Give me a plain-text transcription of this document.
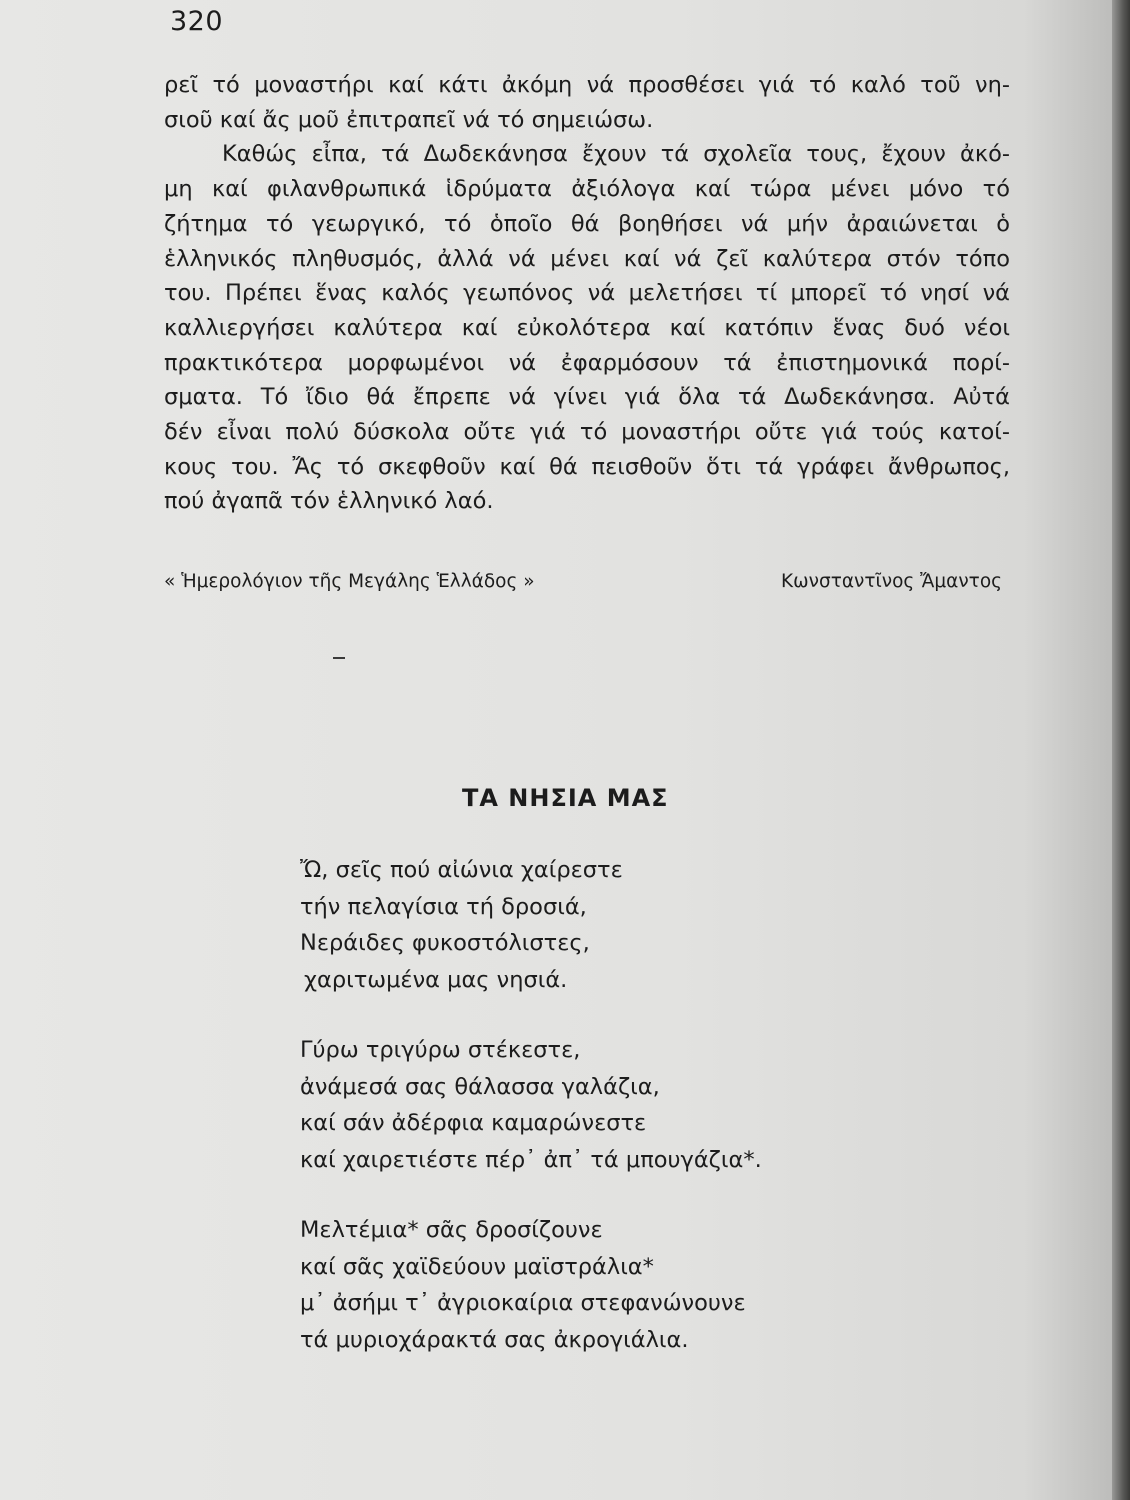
320
ρεῖ τό μοναστήρι καί κάτι ἀκόμη νά προσθέσει γιά τό καλό τοῦ νη-
σιοῦ καί ἄς μοῦ ἐπιτραπεῖ νά τό σημειώσω.
Καθώς εἶπα, τά Δωδεκάνησα ἔχουν τά σχολεῖα τους, ἔχουν ἀκό-
μη καί φιλανθρωπικά ἱδρύματα ἀξιόλογα καί τώρα μένει μόνο τό
ζήτημα τό γεωργικό, τό ὁποῖο θά βοηθήσει νά μήν ἀραιώνεται ὁ
ἑλληνικός πληθυσμός, ἀλλά νά μένει καί νά ζεῖ καλύτερα στόν τόπο
του. Πρέπει ἕνας καλός γεωπόνος νά μελετήσει τί μπορεῖ τό νησί νά
καλλιεργήσει καλύτερα καί εὐκολότερα καί κατόπιν ἕνας δυό νέοι
πρακτικότερα μορφωμένοι νά ἐφαρμόσουν τά ἐπιστημονικά πορί-
σματα. Τό ἴδιο θά ἔπρεπε νά γίνει γιά ὅλα τά Δωδεκάνησα. Αὐτά
δέν εἶναι πολύ δύσκολα οὔτε γιά τό μοναστήρι οὔτε γιά τούς κατοί-
κους του. Ἄς τό σκεφθοῦν καί θά πεισθοῦν ὅτι τά γράφει ἄνθρωπος,
πού ἀγαπᾶ τόν ἑλληνικό λαό.
« Ἡμερολόγιον τῆς Μεγάλης Ἑλλάδος »	Κωνσταντῖνος Ἄμαντος
ΤΑ ΝΗΣΙΑ ΜΑΣ
Ὤ, σεῖς πού αἰώνια χαίρεστε
τήν πελαγίσια τή δροσιά,
Νεράιδες φυκοστόλιστες,
χαριτωμένα μας νησιά.
Γύρω τριγύρω στέκεστε,
ἀνάμεσά σας θάλασσα γαλάζια,
καί σάν ἀδέρφια καμαρώνεστε
καί χαιρετιέστε πέρ᾽ ἀπ᾽ τά μπουγάζια*.
Μελτέμια* σᾶς δροσίζουνε
καί σᾶς χαϊδεύουν μαϊστράλια*
μ᾽ ἀσήμι τ᾽ ἀγριοκαίρια στεφανώνουνε
τά μυριοχάρακτά σας ἀκρογιάλια.
